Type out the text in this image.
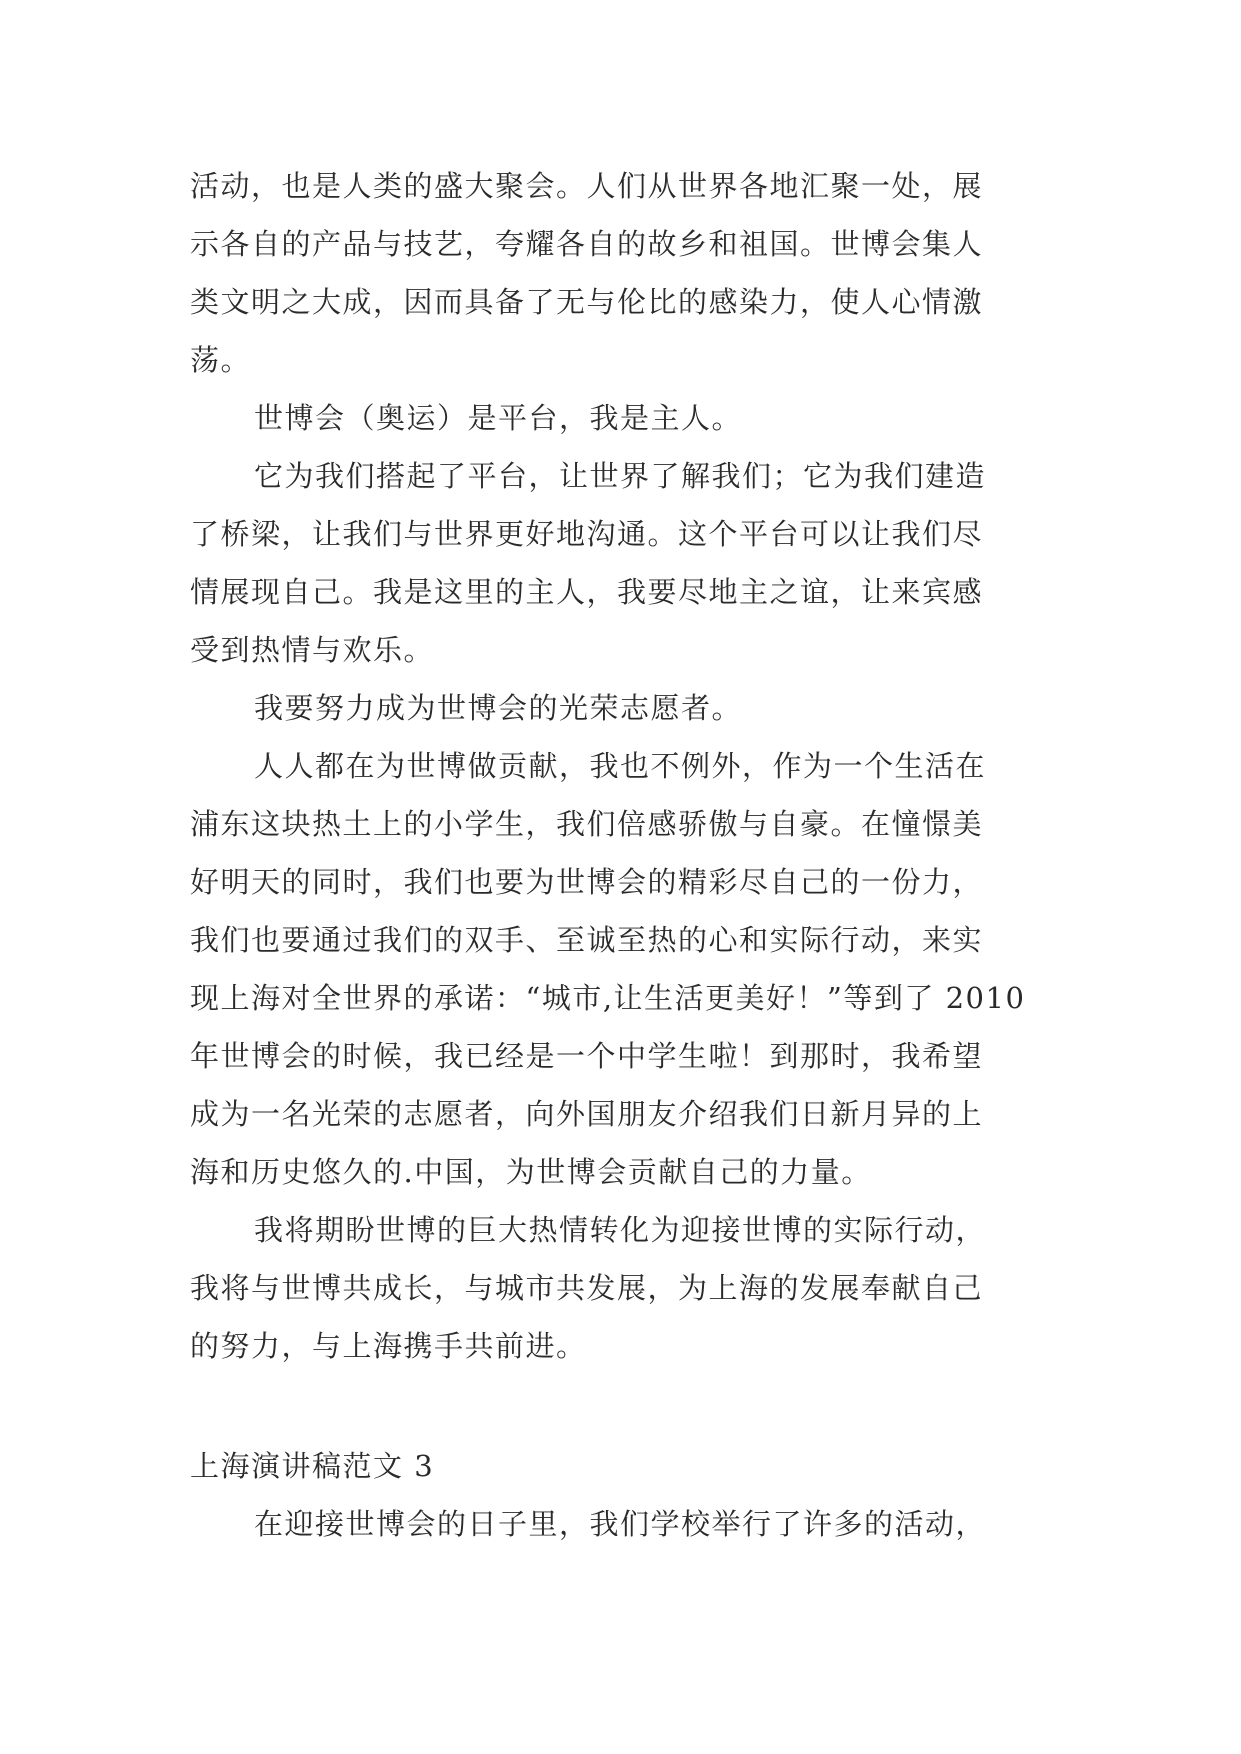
活动，也是人类的盛大聚会。人们从世界各地汇聚一处，展
示各自的产品与技艺，夸耀各自的故乡和祖国。世博会集人
类文明之大成，因而具备了无与伦比的感染力，使人心情激
荡。
世博会（奥运）是平台，我是主人。
它为我们搭起了平台，让世界了解我们；它为我们建造
了桥梁，让我们与世界更好地沟通。这个平台可以让我们尽
情展现自己。我是这里的主人，我要尽地主之谊，让来宾感
受到热情与欢乐。
我要努力成为世博会的光荣志愿者。
人人都在为世博做贡献，我也不例外，作为一个生活在
浦东这块热土上的小学生，我们倍感骄傲与自豪。在憧憬美
好明天的同时，我们也要为世博会的精彩尽自己的一份力，
我们也要通过我们的双手、至诚至热的心和实际行动，来实
现上海对全世界的承诺：“城市,让生活更美好！”等到了 2010
年世博会的时候，我已经是一个中学生啦！到那时，我希望
成为一名光荣的志愿者，向外国朋友介绍我们日新月异的上
海和历史悠久的.中国，为世博会贡献自己的力量。
我将期盼世博的巨大热情转化为迎接世博的实际行动，
我将与世博共成长，与城市共发展，为上海的发展奉献自己
的努力，与上海携手共前进。
上海演讲稿范文 3
在迎接世博会的日子里，我们学校举行了许多的活动，
